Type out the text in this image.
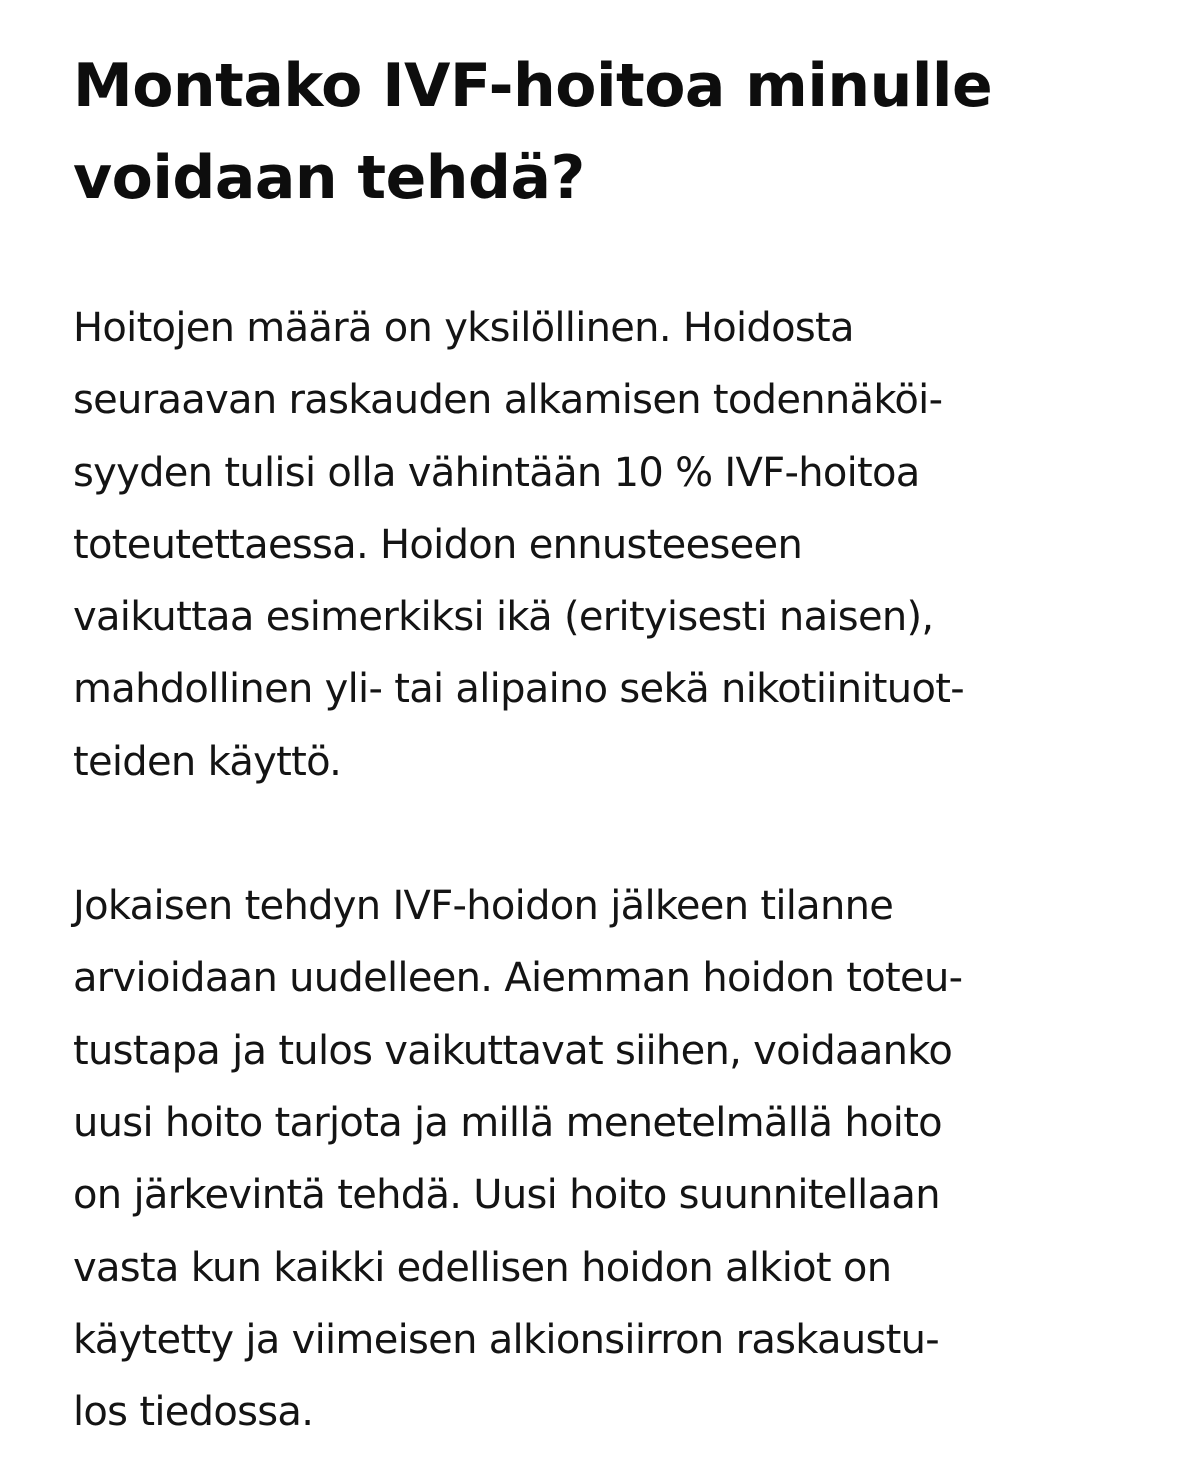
Montako IVF-hoitoa minulle
voidaan tehdä?

Hoitojen määrä on yksilöllinen. Hoidosta
seuraavan raskauden alkamisen todennäköi-
syyden tulisi olla vähintään 10 % IVF-hoitoa
toteutettaessa. Hoidon ennusteeseen
vaikuttaa esimerkiksi ikä (erityisesti naisen),
mahdollinen yli- tai alipaino sekä nikotiinituot-
teiden käyttö.

Jokaisen tehdyn IVF-hoidon jälkeen tilanne
arvioidaan uudelleen. Aiemman hoidon toteu-
tustapa ja tulos vaikuttavat siihen, voidaanko
uusi hoito tarjota ja millä menetelmällä hoito
on järkevintä tehdä. Uusi hoito suunnitellaan
vasta kun kaikki edellisen hoidon alkiot on
käytetty ja viimeisen alkionsiirron raskaustu-
los tiedossa.
